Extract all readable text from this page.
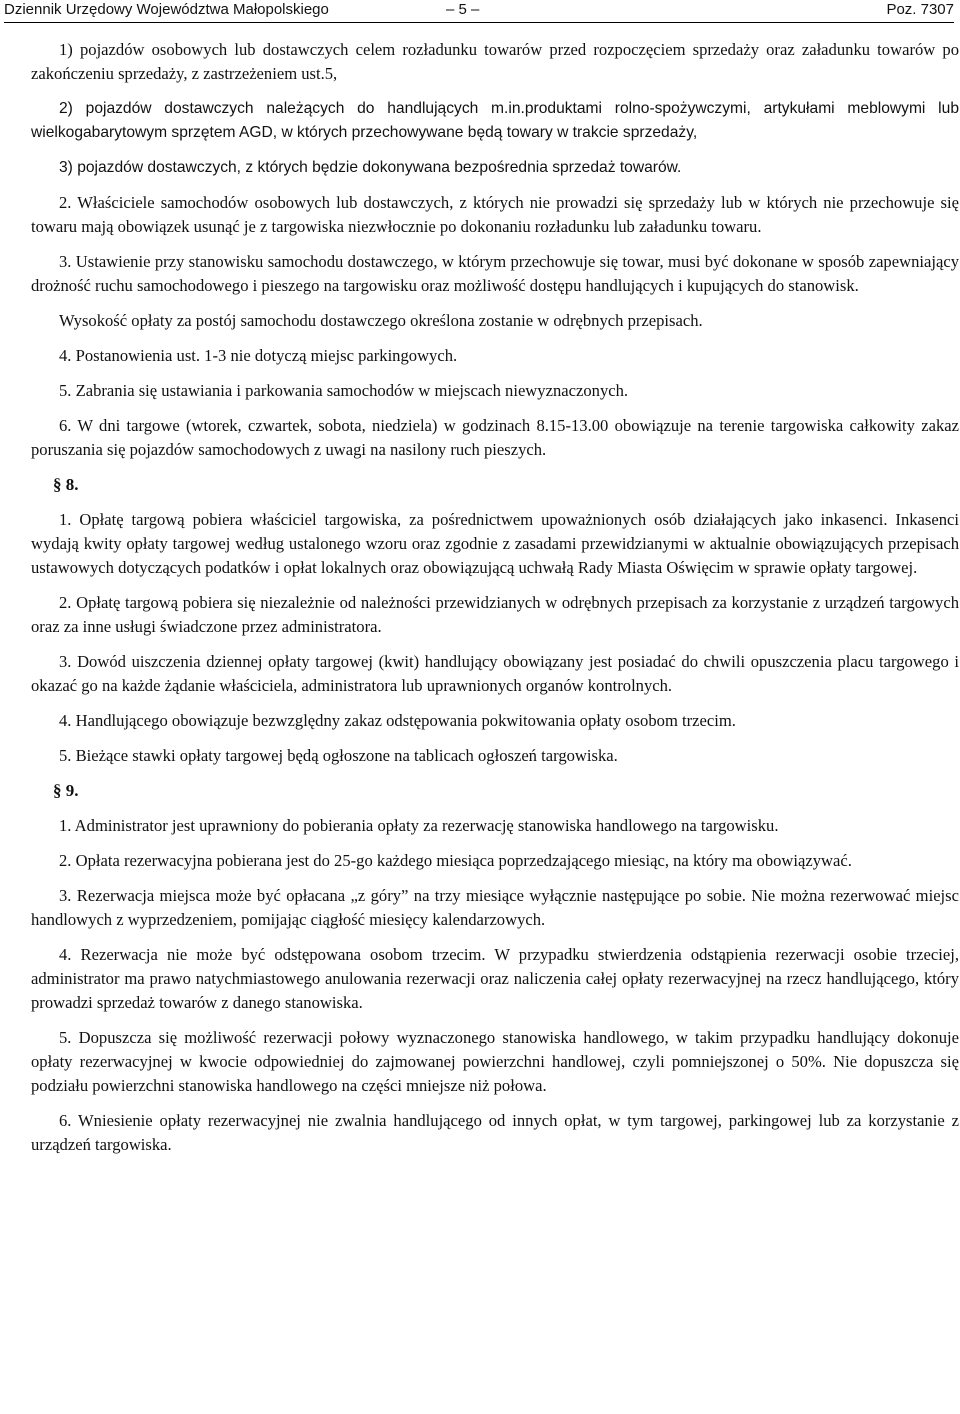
Dziennik Urzędowy Województwa Małopolskiego	– 5 –	Poz. 7307

1) pojazdów osobowych lub dostawczych celem rozładunku towarów przed rozpoczęciem sprzedaży oraz załadunku towarów po zakończeniu sprzedaży, z zastrzeżeniem ust.5,

2) pojazdów dostawczych należących do handlujących m.in.produktami rolno-spożywczymi, artykułami meblowymi lub wielkogabarytowym sprzętem AGD, w których przechowywane będą towary w trakcie sprzedaży,

3) pojazdów dostawczych, z których będzie dokonywana bezpośrednia sprzedaż towarów.

2. Właściciele samochodów osobowych lub dostawczych, z których nie prowadzi się sprzedaży lub w których nie przechowuje się towaru mają obowiązek usunąć je z targowiska niezwłocznie po dokonaniu rozładunku lub załadunku towaru.

3. Ustawienie przy stanowisku samochodu dostawczego, w którym przechowuje się towar, musi być dokonane w sposób zapewniający drożność ruchu samochodowego i pieszego na targowisku oraz możliwość dostępu handlujących i kupujących do stanowisk.

Wysokość opłaty za postój samochodu dostawczego określona zostanie w odrębnych przepisach.

4. Postanowienia ust. 1-3 nie dotyczą miejsc parkingowych.

5. Zabrania się ustawiania i parkowania samochodów w miejscach niewyznaczonych.

6. W dni targowe (wtorek, czwartek, sobota, niedziela) w godzinach 8.15-13.00 obowiązuje na terenie targowiska całkowity zakaz poruszania się pojazdów samochodowych z uwagi na nasilony ruch pieszych.

§ 8.

1. Opłatę targową pobiera właściciel targowiska, za pośrednictwem upoważnionych osób działających jako inkasenci. Inkasenci wydają kwity opłaty targowej według ustalonego wzoru oraz zgodnie z zasadami przewidzianymi w aktualnie obowiązujących przepisach ustawowych dotyczących podatków i opłat lokalnych oraz obowiązującą uchwałą Rady Miasta Oświęcim w sprawie opłaty targowej.

2. Opłatę targową pobiera się niezależnie od należności przewidzianych w odrębnych przepisach za korzystanie z urządzeń targowych oraz za inne usługi świadczone przez administratora.

3. Dowód uiszczenia dziennej opłaty targowej (kwit) handlujący obowiązany jest posiadać do chwili opuszczenia placu targowego i okazać go na każde żądanie właściciela, administratora lub uprawnionych organów kontrolnych.

4. Handlującego obowiązuje bezwzględny zakaz odstępowania pokwitowania opłaty osobom trzecim.

5. Bieżące stawki opłaty targowej będą ogłoszone na tablicach ogłoszeń targowiska.

§ 9.

1. Administrator jest uprawniony do pobierania opłaty za rezerwację stanowiska handlowego na targowisku.

2. Opłata rezerwacyjna pobierana jest do 25-go każdego miesiąca poprzedzającego miesiąc, na który ma obowiązywać.

3. Rezerwacja miejsca może być opłacana „z góry” na trzy miesiące wyłącznie następujące po sobie. Nie można rezerwować miejsc handlowych z wyprzedzeniem, pomijając ciągłość miesięcy kalendarzowych.

4. Rezerwacja nie może być odstępowana osobom trzecim. W przypadku stwierdzenia odstąpienia rezerwacji osobie trzeciej, administrator ma prawo natychmiastowego anulowania rezerwacji oraz naliczenia całej opłaty rezerwacyjnej na rzecz handlującego, który prowadzi sprzedaż towarów z danego stanowiska.

5. Dopuszcza się możliwość rezerwacji połowy wyznaczonego stanowiska handlowego, w takim przypadku handlujący dokonuje opłaty rezerwacyjnej w kwocie odpowiedniej do zajmowanej powierzchni handlowej, czyli pomniejszonej o 50%. Nie dopuszcza się podziału powierzchni stanowiska handlowego na części mniejsze niż połowa.

6. Wniesienie opłaty rezerwacyjnej nie zwalnia handlującego od innych opłat, w tym targowej, parkingowej lub za korzystanie z urządzeń targowiska.
